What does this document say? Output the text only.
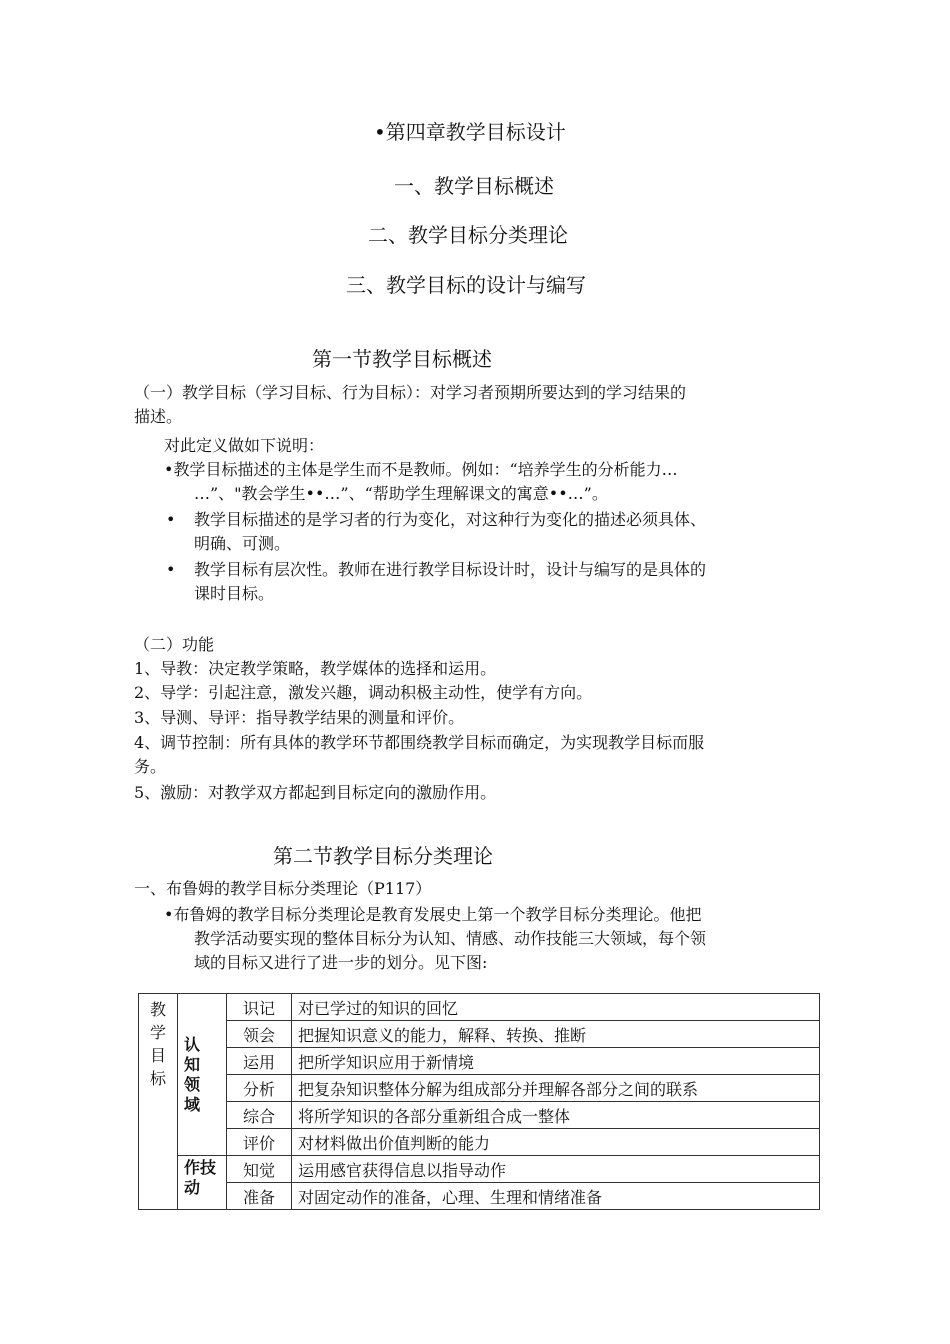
•第四章教学目标设计
一、教学目标概述
二、教学目标分类理论
三、教学目标的设计与编写
第一节教学目标概述
（一）教学目标（学习目标、行为目标）：对学习者预期所要达到的学习结果的
描述。
对此定义做如下说明：
•教学目标描述的主体是学生而不是教师。例如：“培养学生的分析能力…
…”、"教会学生••…”、“帮助学生理解课文的寓意••…”。
• 教学目标描述的是学习者的行为变化，对这种行为变化的描述必须具体、
明确、可测。
• 教学目标有层次性。教师在进行教学目标设计时，设计与编写的是具体的
课时目标。
（二）功能
1、导教：决定教学策略，教学媒体的选择和运用。
2、导学：引起注意，激发兴趣，调动积极主动性，使学有方向。
3、导测、导评：指导教学结果的测量和评价。
4、调节控制：所有具体的教学环节都围绕教学目标而确定，为实现教学目标而服
务。
5、激励：对教学双方都起到目标定向的激励作用。
第二节教学目标分类理论
一、布鲁姆的教学目标分类理论（P117）
•布鲁姆的教学目标分类理论是教育发展史上第一个教学目标分类理论。他把
教学活动要实现的整体目标分为认知、情感、动作技能三大领域，每个领
域的目标又进行了进一步的划分。见下图:
教学目标	认知领域	识记	对已学过的知识的回忆
		领会	把握知识意义的能力，解释、转换、推断
		运用	把所学知识应用于新情境
		分析	把复杂知识整体分解为组成部分并理解各部分之间的联系
		综合	将所学知识的各部分重新组合成一整体
		评价	对材料做出价值判断的能力
	作技动	知觉	运用感官获得信息以指导动作
		准备	对固定动作的准备，心理、生理和情绪准备
